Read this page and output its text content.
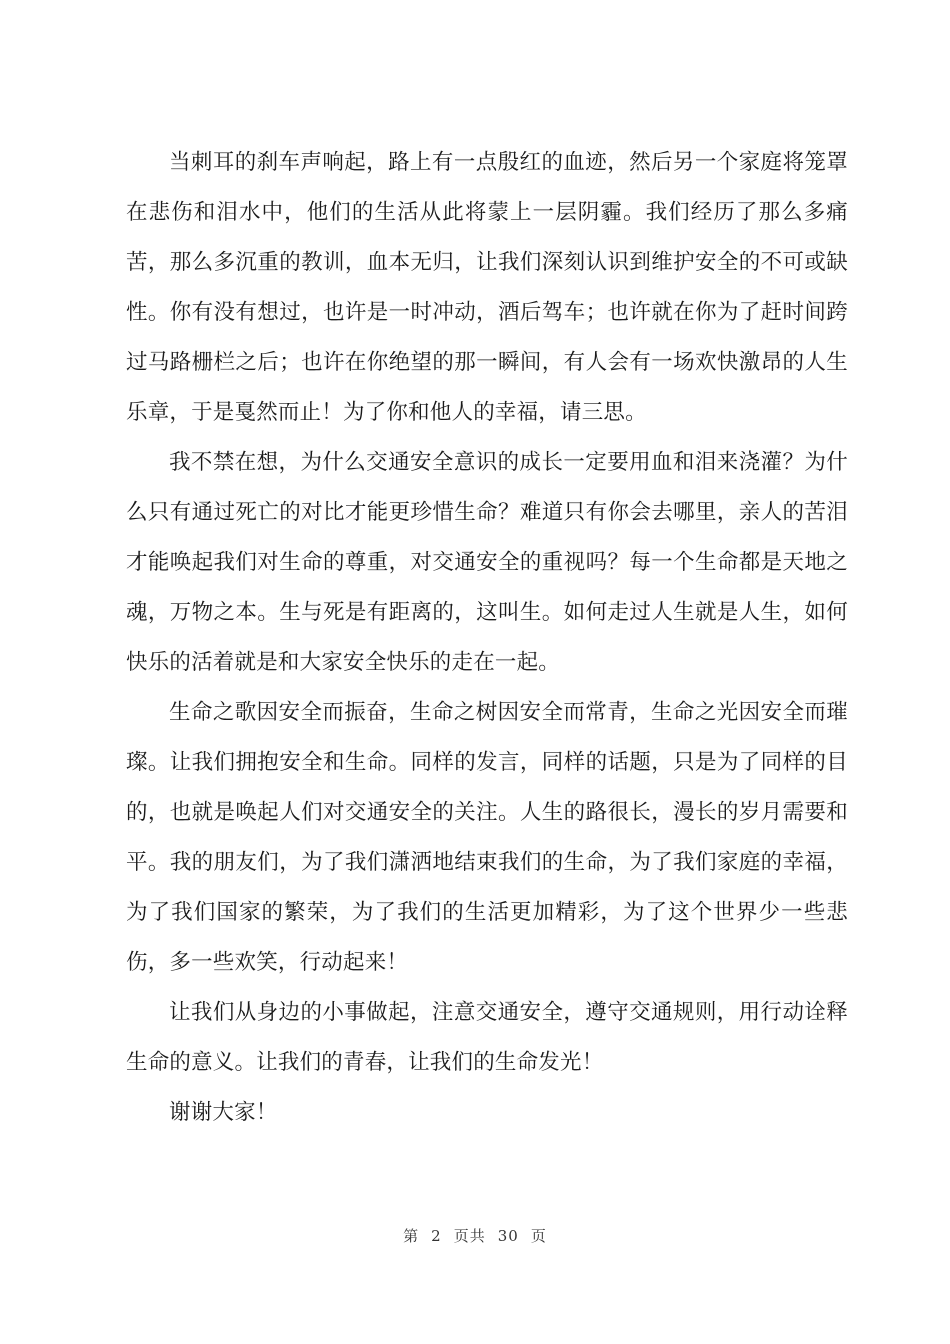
当刺耳的刹车声响起，路上有一点殷红的血迹，然后另一个家庭将笼罩在悲伤和泪水中，他们的生活从此将蒙上一层阴霾。我们经历了那么多痛苦，那么多沉重的教训，血本无归，让我们深刻认识到维护安全的不可或缺性。你有没有想过，也许是一时冲动，酒后驾车；也许就在你为了赶时间跨过马路栅栏之后；也许在你绝望的那一瞬间，有人会有一场欢快激昂的人生乐章，于是戛然而止！为了你和他人的幸福，请三思。

我不禁在想，为什么交通安全意识的成长一定要用血和泪来浇灌？为什么只有通过死亡的对比才能更珍惜生命？难道只有你会去哪里，亲人的苦泪才能唤起我们对生命的尊重，对交通安全的重视吗？每一个生命都是天地之魂，万物之本。生与死是有距离的，这叫生。如何走过人生就是人生，如何快乐的活着就是和大家安全快乐的走在一起。

生命之歌因安全而振奋，生命之树因安全而常青，生命之光因安全而璀璨。让我们拥抱安全和生命。同样的发言，同样的话题，只是为了同样的目的，也就是唤起人们对交通安全的关注。人生的路很长，漫长的岁月需要和平。我的朋友们，为了我们潇洒地结束我们的生命，为了我们家庭的幸福，为了我们国家的繁荣，为了我们的生活更加精彩，为了这个世界少一些悲伤，多一些欢笑，行动起来！

让我们从身边的小事做起，注意交通安全，遵守交通规则，用行动诠释生命的意义。让我们的青春，让我们的生命发光！

谢谢大家！

第 2 页共 30 页
